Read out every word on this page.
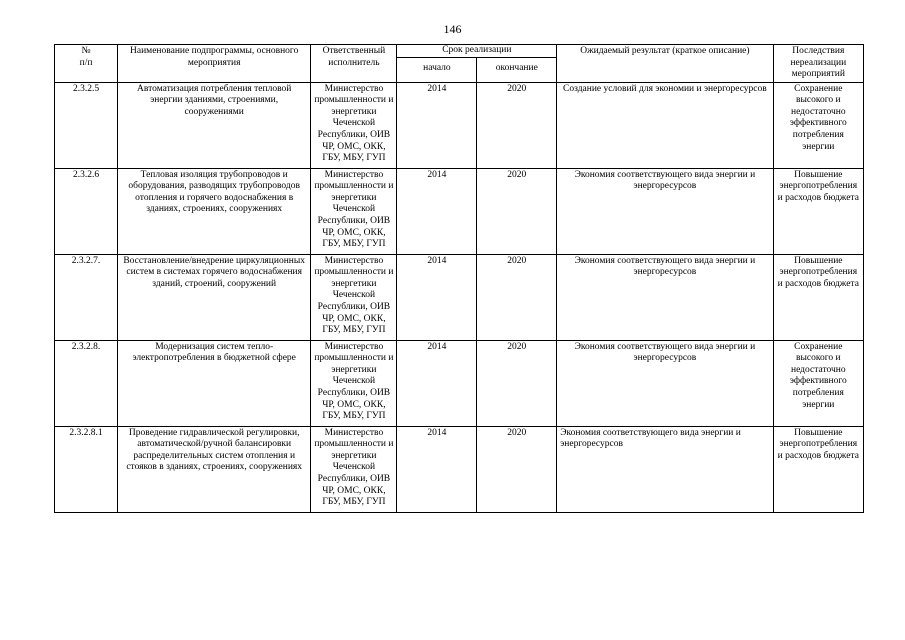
146
№
п/п	Наименование подпрограммы, основного мероприятия	Ответственный исполнитель	Срок реализации		Ожидаемый результат (краткое описание)	Последствия нереализации мероприятий
			начало	окончание		
2.3.2.5	Автоматизация потребления тепловой энергии зданиями, строениями, сооружениями	Министерство промышленности и энергетики Чеченской Республики, ОИВ ЧР, ОМС, ОКК, ГБУ, МБУ, ГУП	2014	2020	Создание условий для экономии и энергоресурсов	Сохранение высокого и недостаточно эффективного потребления энергии
2.3.2.6	Тепловая изоляция трубопроводов и оборудования, разводящих трубопроводов отопления и горячего водоснабжения в зданиях, строениях, сооружениях	Министерство промышленности и энергетики Чеченской Республики, ОИВ ЧР, ОМС, ОКК, ГБУ, МБУ, ГУП	2014	2020	Экономия соответствующего вида энергии и энергоресурсов	Повышение энергопотребления и расходов бюджета
2.3.2.7.	Восстановление/внедрение циркуляционных систем в системах горячего водоснабжения зданий, строений, сооружений	Министерство промышленности и энергетики Чеченской Республики, ОИВ ЧР, ОМС, ОКК, ГБУ, МБУ, ГУП	2014	2020	Экономия соответствующего вида энергии и энергоресурсов	Повышение энергопотребления и расходов бюджета
2.3.2.8.	Модернизация систем тепло-электропотребления в бюджетной сфере	Министерство промышленности и энергетики Чеченской Республики, ОИВ ЧР, ОМС, ОКК, ГБУ, МБУ, ГУП	2014	2020	Экономия соответствующего вида энергии и энергоресурсов	Сохранение высокого и недостаточно эффективного потребления энергии
2.3.2.8.1	Проведение гидравлической регулировки, автоматической/ручной балансировки распределительных систем отопления и стояков в зданиях, строениях, сооружениях	Министерство промышленности и энергетики Чеченской Республики, ОИВ ЧР, ОМС, ОКК, ГБУ, МБУ, ГУП	2014	2020	Экономия соответствующего вида энергии и энергоресурсов	Повышение энергопотребления и расходов бюджета
